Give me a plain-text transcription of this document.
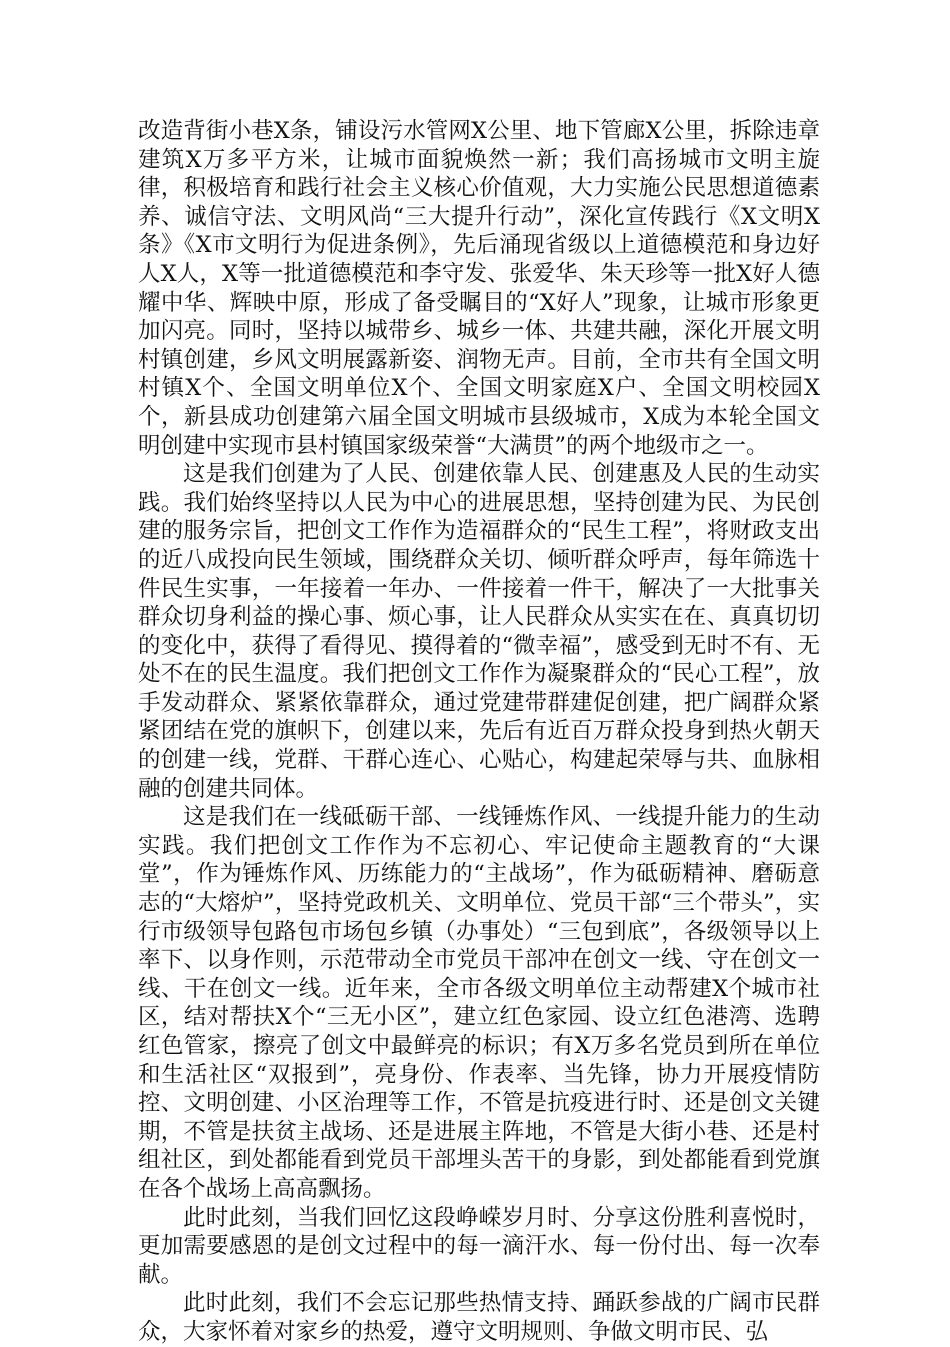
改造背街小巷X条，铺设污水管网X公里、地下管廊X公里，拆除违章建筑X万多平方米，让城市面貌焕然一新；我们高扬城市文明主旋律，积极培育和践行社会主义核心价值观，大力实施公民思想道德素养、诚信守法、文明风尚“三大提升行动”，深化宣传践行《X文明X条》《X市文明行为促进条例》，先后涌现省级以上道德模范和身边好人X人，X等一批道德模范和李守发、张爱华、朱天珍等一批X好人德耀中华、辉映中原，形成了备受瞩目的“X好人”现象，让城市形象更加闪亮。同时，坚持以城带乡、城乡一体、共建共融，深化开展文明村镇创建，乡风文明展露新姿、润物无声。目前，全市共有全国文明村镇X个、全国文明单位X个、全国文明家庭X户、全国文明校园X个，新县成功创建第六届全国文明城市县级城市，X成为本轮全国文明创建中实现市县村镇国家级荣誉“大满贯”的两个地级市之一。

这是我们创建为了人民、创建依靠人民、创建惠及人民的生动实践。我们始终坚持以人民为中心的进展思想，坚持创建为民、为民创建的服务宗旨，把创文工作作为造福群众的“民生工程”，将财政支出的近八成投向民生领域，围绕群众关切、倾听群众呼声，每年筛选十件民生实事，一年接着一年办、一件接着一件干，解决了一大批事关群众切身利益的操心事、烦心事，让人民群众从实实在在、真真切切的变化中，获得了看得见、摸得着的“微幸福”，感受到无时不有、无处不在的民生温度。我们把创文工作作为凝聚群众的“民心工程”，放手发动群众、紧紧依靠群众，通过党建带群建促创建，把广阔群众紧紧团结在党的旗帜下，创建以来，先后有近百万群众投身到热火朝天的创建一线，党群、干群心连心、心贴心，构建起荣辱与共、血脉相融的创建共同体。

这是我们在一线砥砺干部、一线锤炼作风、一线提升能力的生动实践。我们把创文工作作为不忘初心、牢记使命主题教育的“大课堂”，作为锤炼作风、历练能力的“主战场”，作为砥砺精神、磨砺意志的“大熔炉”，坚持党政机关、文明单位、党员干部“三个带头”，实行市级领导包路包市场包乡镇（办事处）“三包到底”，各级领导以上率下、以身作则，示范带动全市党员干部冲在创文一线、守在创文一线、干在创文一线。近年来，全市各级文明单位主动帮建X个城市社区，结对帮扶X个“三无小区”，建立红色家园、设立红色港湾、选聘红色管家，擦亮了创文中最鲜亮的标识；有X万多名党员到所在单位和生活社区“双报到”，亮身份、作表率、当先锋，协力开展疫情防控、文明创建、小区治理等工作，不管是抗疫进行时、还是创文关键期，不管是扶贫主战场、还是进展主阵地，不管是大街小巷、还是村组社区，到处都能看到党员干部埋头苦干的身影，到处都能看到党旗在各个战场上高高飘扬。

此时此刻，当我们回忆这段峥嵘岁月时、分享这份胜利喜悦时，更加需要感恩的是创文过程中的每一滴汗水、每一份付出、每一次奉献。

此时此刻，我们不会忘记那些热情支持、踊跃参战的广阔市民群众，大家怀着对家乡的热爱，遵守文明规则、争做文明市民、弘
